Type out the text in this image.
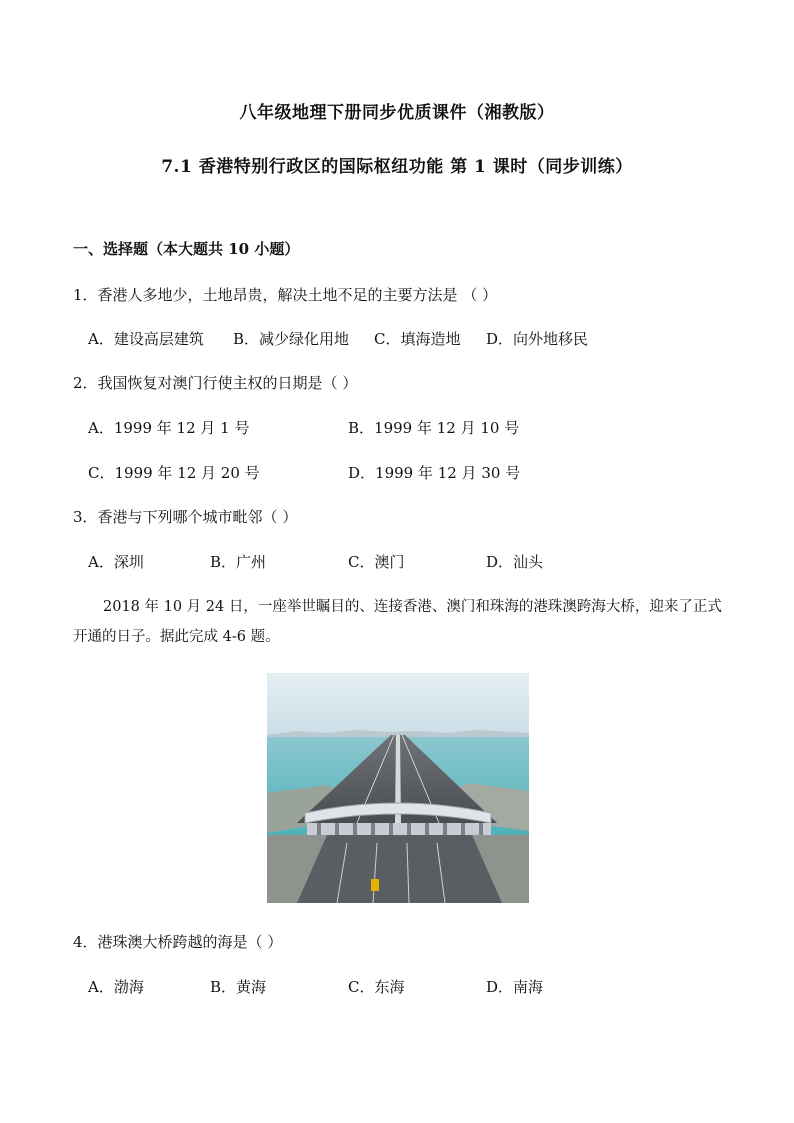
八年级地理下册同步优质课件（湘教版）
7.1 香港特别行政区的国际枢纽功能 第 1 课时（同步训练）
一、选择题（本大题共 10 小题）
1．香港人多地少，土地昂贵，解决土地不足的主要方法是 （ ）
A．建设高层建筑 B．减少绿化用地 C．填海造地 D．向外地移民
2．我国恢复对澳门行使主权的日期是（ ）
A．1999 年 12 月 1 号	B．1999 年 12 月 10 号
C．1999 年 12 月 20 号	D．1999 年 12 月 30 号
3．香港与下列哪个城市毗邻（ ）
A．深圳	B．广州	C．澳门	D．汕头
2018 年 10 月 24 日，一座举世瞩目的、连接香港、澳门和珠海的港珠澳跨海大桥，迎来了正式开通的日子。据此完成 4-6 题。
4．港珠澳大桥跨越的海是（ ）
A．渤海	B．黄海	C．东海	D．南海
